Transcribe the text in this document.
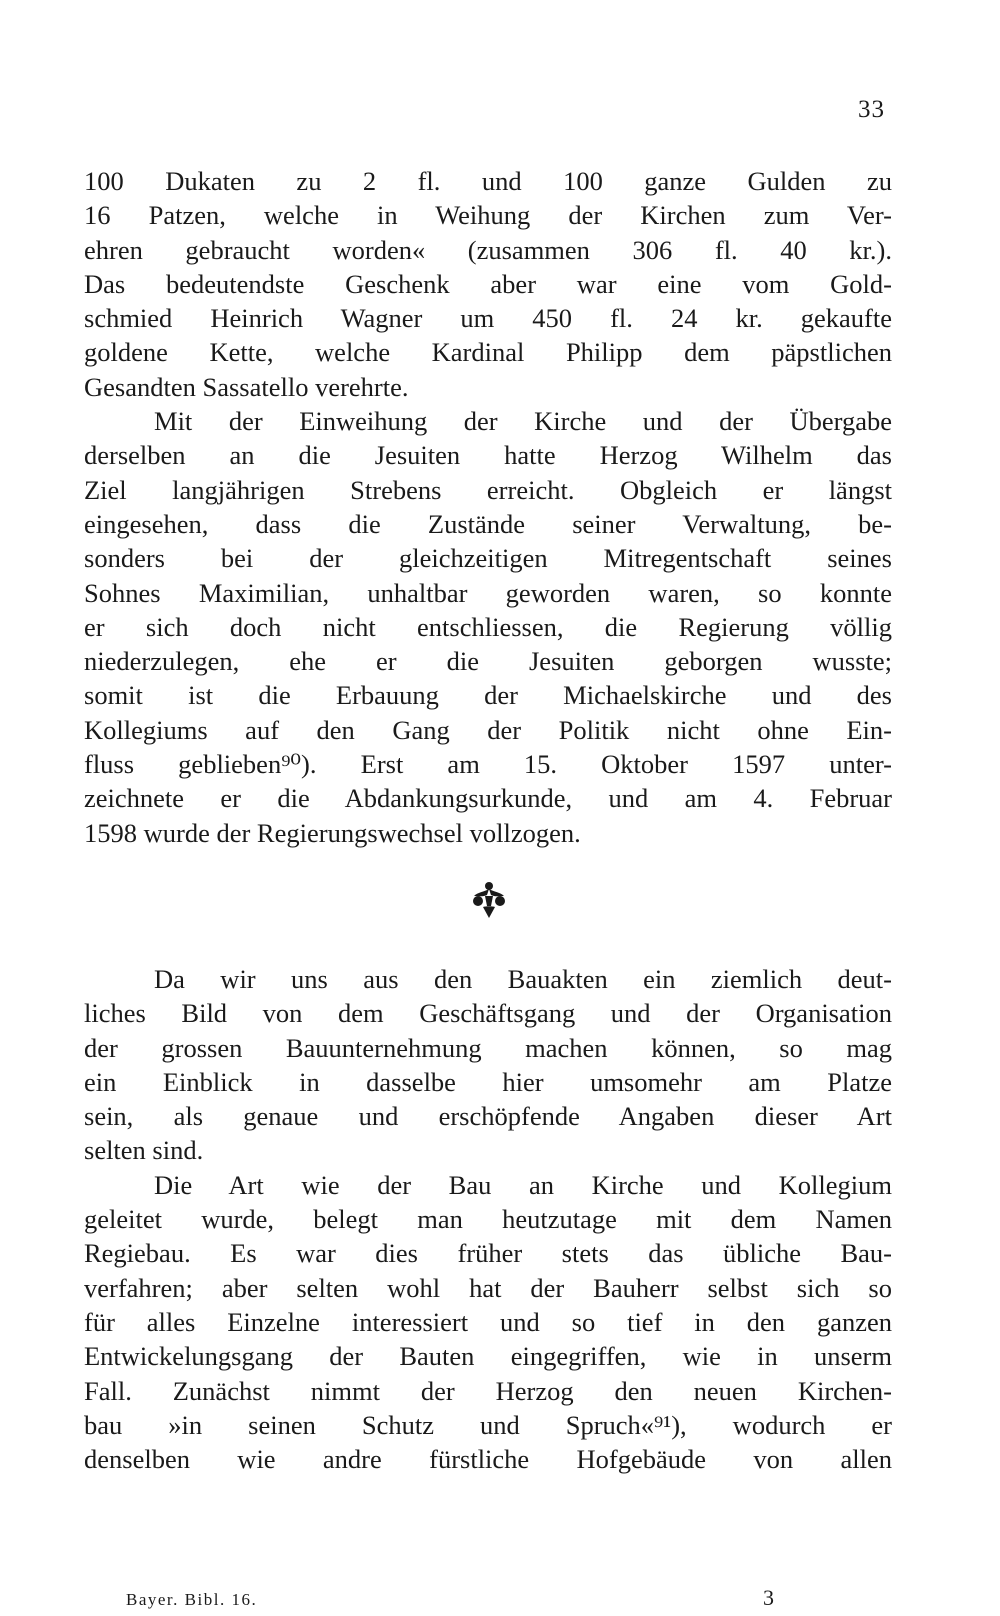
33
100 Dukaten zu 2 fl. und 100 ganze Gulden zu
16 Patzen, welche in Weihung der Kirchen zum Ver-
ehren gebraucht worden« (zusammen 306 fl. 40 kr.).
Das bedeutendste Geschenk aber war eine vom Gold-
schmied Heinrich Wagner um 450 fl. 24 kr. gekaufte
goldene Kette, welche Kardinal Philipp dem päpstlichen
Gesandten Sassatello verehrte.
Mit der Einweihung der Kirche und der Übergabe
derselben an die Jesuiten hatte Herzog Wilhelm das
Ziel langjährigen Strebens erreicht. Obgleich er längst
eingesehen, dass die Zustände seiner Verwaltung, be-
sonders bei der gleichzeitigen Mitregentschaft seines
Sohnes Maximilian, unhaltbar geworden waren, so konnte
er sich doch nicht entschliessen, die Regierung völlig
niederzulegen, ehe er die Jesuiten geborgen wusste;
somit ist die Erbauung der Michaelskirche und des
Kollegiums auf den Gang der Politik nicht ohne Ein-
fluss geblieben⁹⁰). Erst am 15. Oktober 1597 unter-
zeichnete er die Abdankungsurkunde, und am 4. Februar
1598 wurde der Regierungswechsel vollzogen.
Da wir uns aus den Bauakten ein ziemlich deut-
liches Bild von dem Geschäftsgang und der Organisation
der grossen Bauunternehmung machen können, so mag
ein Einblick in dasselbe hier umsomehr am Platze
sein, als genaue und erschöpfende Angaben dieser Art
selten sind.
Die Art wie der Bau an Kirche und Kollegium
geleitet wurde, belegt man heutzutage mit dem Namen
Regiebau. Es war dies früher stets das übliche Bau-
verfahren; aber selten wohl hat der Bauherr selbst sich so
für alles Einzelne interessiert und so tief in den ganzen
Entwickelungsgang der Bauten eingegriffen, wie in unserm
Fall. Zunächst nimmt der Herzog den neuen Kirchen-
bau »in seinen Schutz und Spruch«⁹¹), wodurch er
denselben wie andre fürstliche Hofgebäude von allen
Bayer. Bibl. 16.	3
